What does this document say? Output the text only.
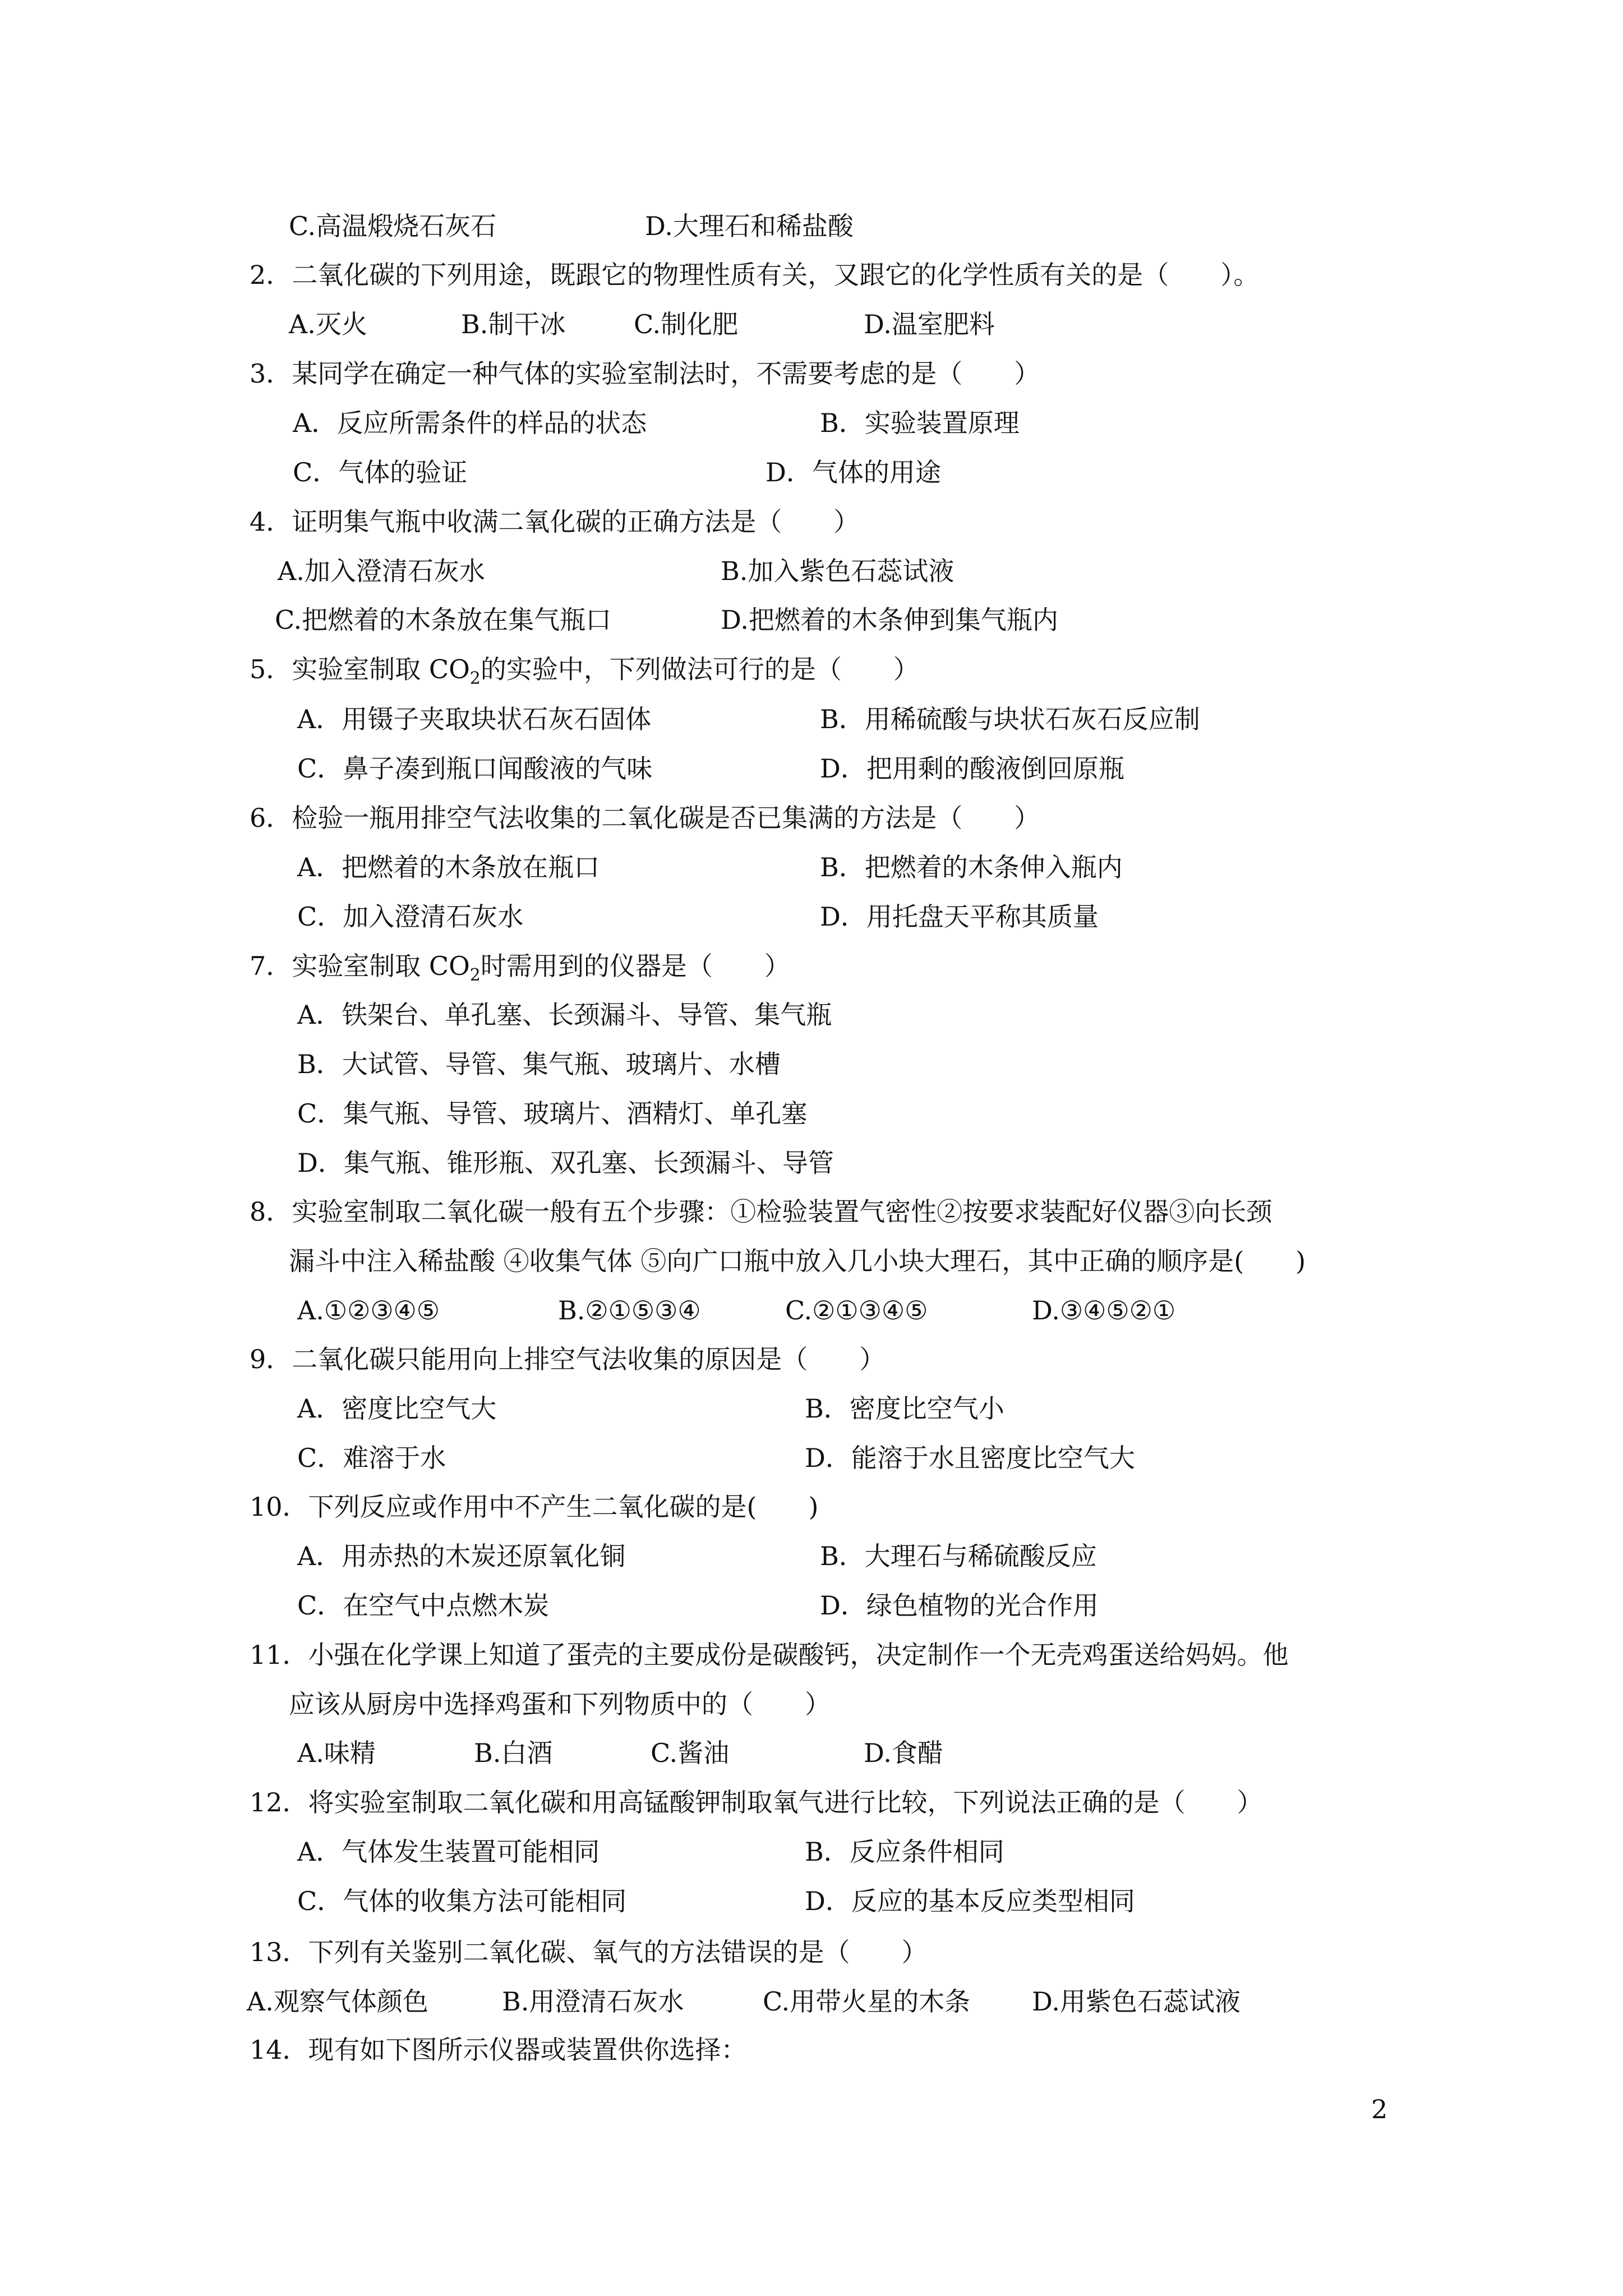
C.高温煅烧石灰石	D.大理石和稀盐酸
2．二氧化碳的下列用途，既跟它的物理性质有关，又跟它的化学性质有关的是（　　）。
A.灭火	B.制干冰	C.制化肥	D.温室肥料
3．某同学在确定一种气体的实验室制法时，不需要考虑的是（　　）
A．反应所需条件的样品的状态	B．实验装置原理
C．气体的验证	D．气体的用途
4．证明集气瓶中收满二氧化碳的正确方法是（　　）
A.加入澄清石灰水	B.加入紫色石蕊试液
C.把燃着的木条放在集气瓶口	D.把燃着的木条伸到集气瓶内
5．实验室制取 $CO_2$的实验中，下列做法可行的是（　　）
A．用镊子夹取块状石灰石固体	B．用稀硫酸与块状石灰石反应制
C．鼻子凑到瓶口闻酸液的气味	D．把用剩的酸液倒回原瓶
6．检验一瓶用排空气法收集的二氧化碳是否已集满的方法是（　　）
A．把燃着的木条放在瓶口	B．把燃着的木条伸入瓶内
C．加入澄清石灰水	D．用托盘天平称其质量
7．实验室制取 $CO_2$时需用到的仪器是（　　）
A．铁架台、单孔塞、长颈漏斗、导管、集气瓶
B．大试管、导管、集气瓶、玻璃片、水槽
C．集气瓶、导管、玻璃片、酒精灯、单孔塞
D．集气瓶、锥形瓶、双孔塞、长颈漏斗、导管
8．实验室制取二氧化碳一般有五个步骤：①检验装置气密性②按要求装配好仪器③向长颈
漏斗中注入稀盐酸 ④收集气体 ⑤向广口瓶中放入几小块大理石，其中正确的顺序是(　　)
A.①②③④⑤	B.②①⑤③④	C.②①③④⑤	D.③④⑤②①
9．二氧化碳只能用向上排空气法收集的原因是（　　）
A．密度比空气大	B．密度比空气小
C．难溶于水	D．能溶于水且密度比空气大
10．下列反应或作用中不产生二氧化碳的是(　　)
A．用赤热的木炭还原氧化铜	B．大理石与稀硫酸反应
C．在空气中点燃木炭	D．绿色植物的光合作用
11．小强在化学课上知道了蛋壳的主要成份是碳酸钙，决定制作一个无壳鸡蛋送给妈妈。他
应该从厨房中选择鸡蛋和下列物质中的（　　）
A.味精	B.白酒	C.酱油	D.食醋
12．将实验室制取二氧化碳和用高锰酸钾制取氧气进行比较，下列说法正确的是（　　）
A．气体发生装置可能相同	B．反应条件相同
C．气体的收集方法可能相同	D．反应的基本反应类型相同
13．下列有关鉴别二氧化碳、氧气的方法错误的是（　　）
A.观察气体颜色	B.用澄清石灰水	C.用带火星的木条 D.用紫色石蕊试液
14．现有如下图所示仪器或装置供你选择：
2
